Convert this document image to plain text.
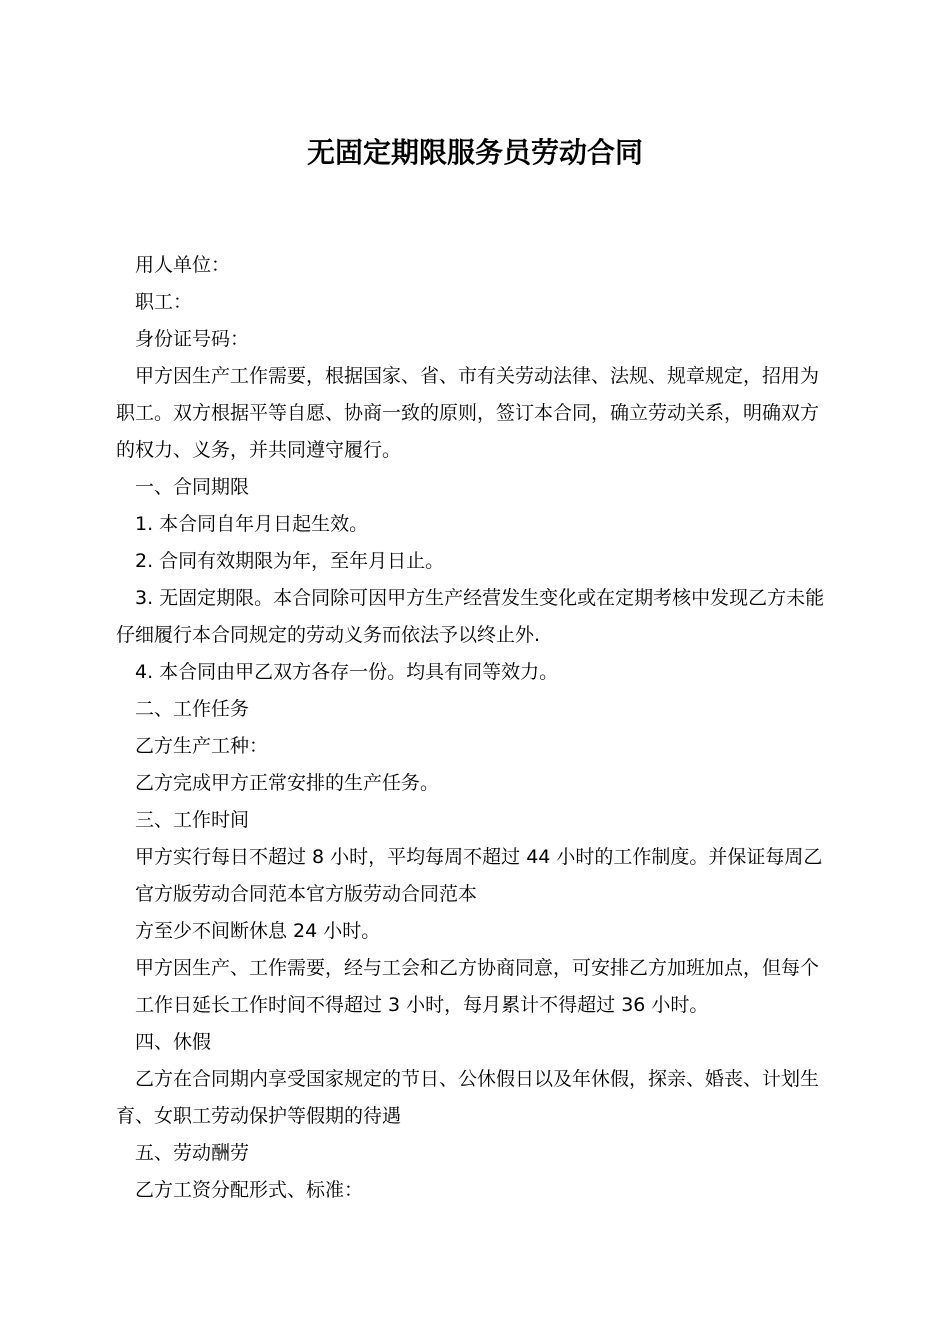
无固定期限服务员劳动合同

用人单位：

职工：

身份证号码：

甲方因生产工作需要，根据国家、省、市有关劳动法律、法规、规章规定，招用为

职工。双方根据平等自愿、协商一致的原则，签订本合同，确立劳动关系，明确双方

的权力、义务，并共同遵守履行。

一、合同期限

1. 本合同自年月日起生效。

2. 合同有效期限为年，至年月日止。

3. 无固定期限。本合同除可因甲方生产经营发生变化或在定期考核中发现乙方未能

仔细履行本合同规定的劳动义务而依法予以终止外.

4. 本合同由甲乙双方各存一份。均具有同等效力。

二、工作任务

乙方生产工种：

乙方完成甲方正常安排的生产任务。

三、工作时间

甲方实行每日不超过 8 小时，平均每周不超过 44 小时的工作制度。并保证每周乙

官方版劳动合同范本官方版劳动合同范本

方至少不间断休息 24 小时。

甲方因生产、工作需要，经与工会和乙方协商同意，可安排乙方加班加点，但每个

工作日延长工作时间不得超过 3 小时，每月累计不得超过 36 小时。

四、休假

乙方在合同期内享受国家规定的节日、公休假日以及年休假，探亲、婚丧、计划生

育、女职工劳动保护等假期的待遇

五、劳动酬劳

乙方工资分配形式、标准：
